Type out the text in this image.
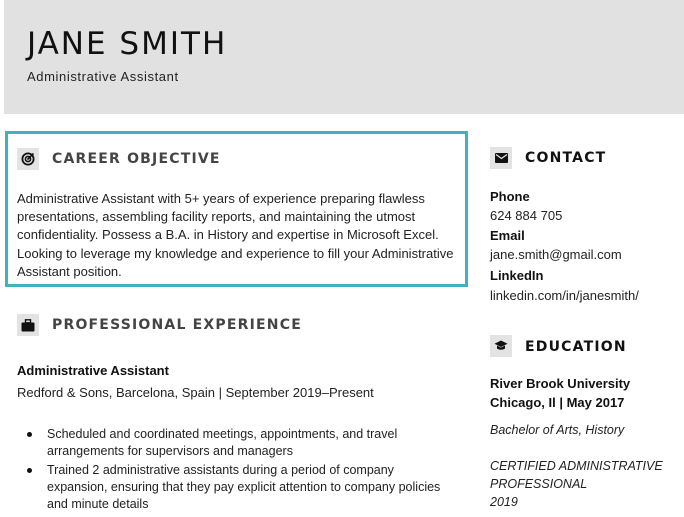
JANE SMITH
Administrative Assistant
CAREER OBJECTIVE
Administrative Assistant with 5+ years of experience preparing flawless presentations, assembling facility reports, and maintaining the utmost confidentiality. Possess a B.A. in History and expertise in Microsoft Excel. Looking to leverage my knowledge and experience to fill your Administrative Assistant position.
PROFESSIONAL EXPERIENCE
Administrative Assistant
Redford & Sons, Barcelona, Spain | September 2019–Present
Scheduled and coordinated meetings, appointments, and travel arrangements for supervisors and managers
Trained 2 administrative assistants during a period of company expansion, ensuring that they pay explicit attention to company policies and minute details
CONTACT
Phone
624 884 705
Email
jane.smith@gmail.com
LinkedIn
linkedin.com/in/janesmith/
EDUCATION
River Brook University
Chicago, Il | May 2017
Bachelor of Arts, History
CERTIFIED ADMINISTRATIVE
PROFESSIONAL
2019
